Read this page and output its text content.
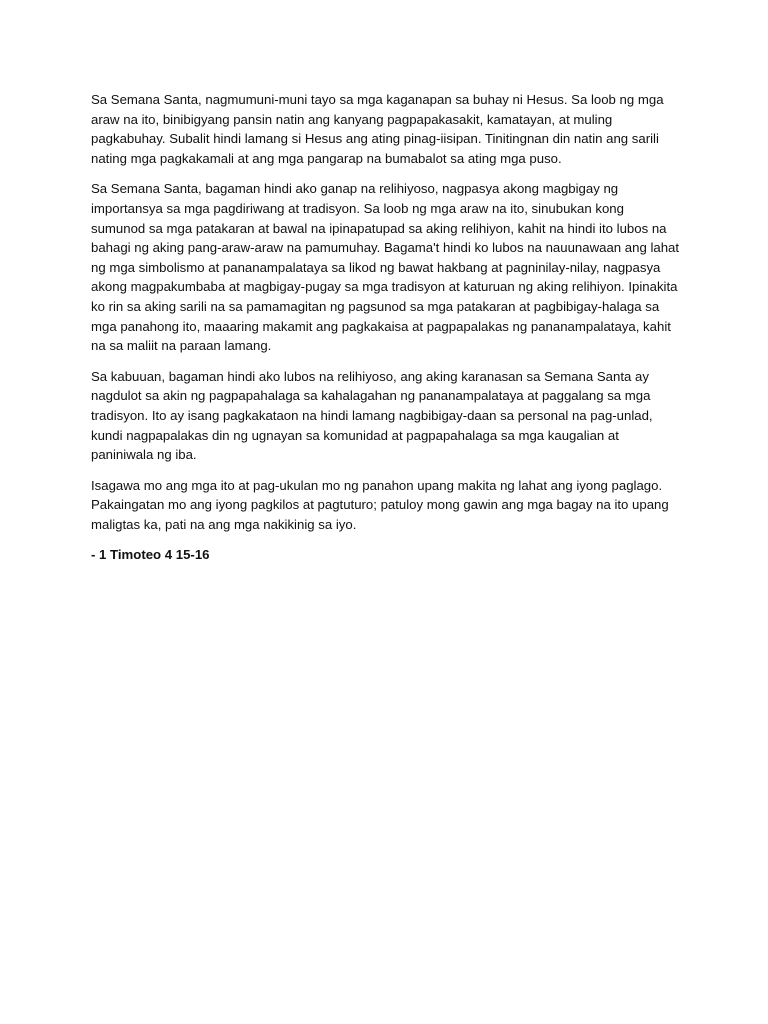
Sa Semana Santa, nagmumuni-muni tayo sa mga kaganapan sa buhay ni Hesus. Sa loob ng mga araw na ito, binibigyang pansin natin ang kanyang pagpapakasakit, kamatayan, at muling pagkabuhay. Subalit hindi lamang si Hesus ang ating pinag-iisipan. Tinitingnan din natin ang sarili nating mga pagkakamali at ang mga pangarap na bumabalot sa ating mga puso.

Sa Semana Santa, bagaman hindi ako ganap na relihiyoso, nagpasya akong magbigay ng importansya sa mga pagdiriwang at tradisyon. Sa loob ng mga araw na ito, sinubukan kong sumunod sa mga patakaran at bawal na ipinapatupad sa aking relihiyon, kahit na hindi ito lubos na bahagi ng aking pang-araw-araw na pamumuhay. Bagama't hindi ko lubos na nauunawaan ang lahat ng mga simbolismo at pananampalataya sa likod ng bawat hakbang at pagninilay-nilay, nagpasya akong magpakumbaba at magbigay-pugay sa mga tradisyon at katuruan ng aking relihiyon. Ipinakita ko rin sa aking sarili na sa pamamagitan ng pagsunod sa mga patakaran at pagbibigay-halaga sa mga panahong ito, maaaring makamit ang pagkakaisa at pagpapalakas ng pananampalataya, kahit na sa maliit na paraan lamang.

Sa kabuuan, bagaman hindi ako lubos na relihiyoso, ang aking karanasan sa Semana Santa ay nagdulot sa akin ng pagpapahalaga sa kahalagahan ng pananampalataya at paggalang sa mga tradisyon. Ito ay isang pagkakataon na hindi lamang nagbibigay-daan sa personal na pag-unlad, kundi nagpapalakas din ng ugnayan sa komunidad at pagpapahalaga sa mga kaugalian at paniniwala ng iba.

Isagawa mo ang mga ito at pag-ukulan mo ng panahon upang makita ng lahat ang iyong paglago. Pakaingatan mo ang iyong pagkilos at pagtuturo; patuloy mong gawin ang mga bagay na ito upang maligtas ka, pati na ang mga nakikinig sa iyo.

- 1 Timoteo 4 15-16
